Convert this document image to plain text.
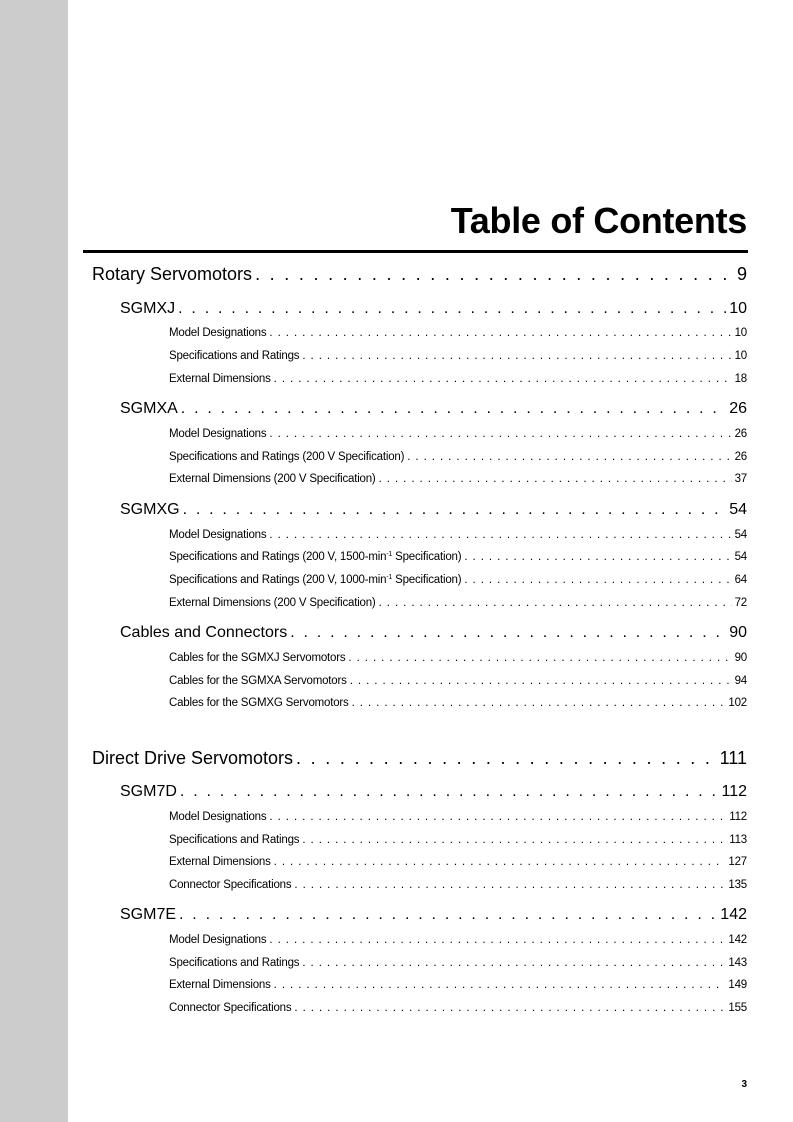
Table of Contents
Rotary Servomotors . . .	9
SGMXJ . . .	10
Model Designations . . .	10
Specifications and Ratings . . .	10
External Dimensions . . .	18
SGMXA . . .	26
Model Designations . . .	26
Specifications and Ratings (200 V Specification) . . .	26
External Dimensions (200 V Specification) . . .	37
SGMXG . . .	54
Model Designations . . .	54
Specifications and Ratings (200 V, $1500-\min^{-1}$ Specification) . . .	54
Specifications and Ratings (200 V, $1000-\min^{-1}$ Specification) . . .	64
External Dimensions (200 V Specification) . . .	72
Cables and Connectors . . .	90
Cables for the SGMXJ Servomotors . . .	90
Cables for the SGMXA Servomotors . . .	94
Cables for the SGMXG Servomotors . . .	102
Direct Drive Servomotors . . .	111
SGM7D . . .	112
Model Designations . . .	112
Specifications and Ratings . . .	113
External Dimensions . . .	127
Connector Specifications . . .	135
SGM7E . . .	142
Model Designations . . .	142
Specifications and Ratings . . .	143
External Dimensions . . .	149
Connector Specifications . . .	155
3
